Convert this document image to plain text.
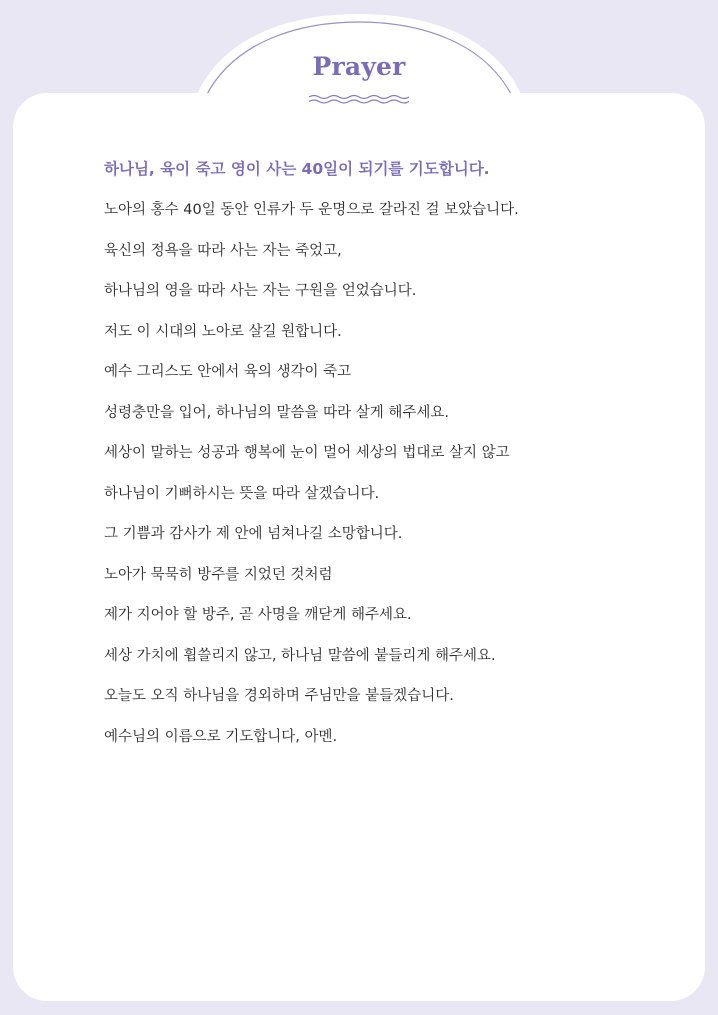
Prayer
하나님, 육이 죽고 영이 사는 40일이 되기를 기도합니다.
노아의 홍수 40일 동안 인류가 두 운명으로 갈라진 걸 보았습니다.
육신의 정욕을 따라 사는 자는 죽었고,
하나님의 영을 따라 사는 자는 구원을 얻었습니다.
저도 이 시대의 노아로 살길 원합니다.
예수 그리스도 안에서 육의 생각이 죽고
성령충만을 입어, 하나님의 말씀을 따라 살게 해주세요.
세상이 말하는 성공과 행복에 눈이 멀어 세상의 법대로 살지 않고
하나님이 기뻐하시는 뜻을 따라 살겠습니다.
그 기쁨과 감사가 제 안에 넘쳐나길 소망합니다.
노아가 묵묵히 방주를 지었던 것처럼
제가 지어야 할 방주, 곧 사명을 깨닫게 해주세요.
세상 가치에 휩쓸리지 않고, 하나님 말씀에 붙들리게 해주세요.
오늘도 오직 하나님을 경외하며 주님만을 붙들겠습니다.
예수님의 이름으로 기도합니다, 아멘.
